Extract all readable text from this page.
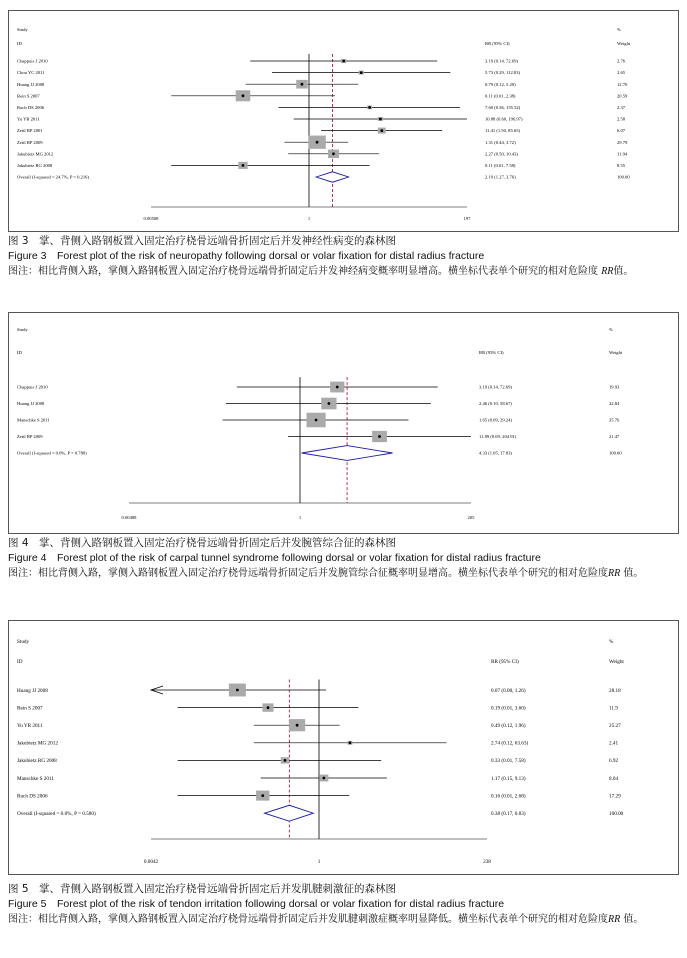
Study
ID	RR (95% CI)
%
Weight
Chappuis J 2010	3.19 (0.14, 72.69)	2.76
Chou YC 2011	5.73 (0.29, 112.83)	2.65
Huang JJ 2008	0.79 (0.12, 5.20)	12.70
Rein S 2007	0.11 (0.01, 2.38)	20.59
Ruch DS 2006	7.60 (0.36, 155.52)	2.37
Yu YR 2011	10.88 (0.60, 196.97)	2.58
Zettl RP 2001	11.41 (1.50, 85.65)	6.07
Zettl RP 2009	1.31 (0.44, 3.72)	29.79
Jakubietz MG 2012	2.27 (0.50, 10.43)	11.94
Jakubietz RG 2008	0.11 (0.01, 7.58)	8.55
Overall (I-squared = 24.7%, P = 0.216)	2.19 (1.27, 3.76)	100.00
0.00508	1	197
图 3　掌、背侧入路钢板置入固定治疗桡骨远端骨折固定后并发神经性病变的森林图
Figure 3　Forest plot of the risk of neuropathy following dorsal or volar fixation for distal radius fracture
图注：相比背侧入路，掌侧入路钢板置入固定治疗桡骨远端骨折固定后并发神经病变概率明显增高。横坐标代表单个研究的相对危险度 RR值。
Study
ID	RR (95% CI)
%
Weight
Chappuis J 2010	3.19 (0.14, 72.69)	19.93
Huang JJ 2008	2.46 (0.10, 58.67)	22.84
Manschke S 2011	1.65 (0.09, 29.24)	35.76
Zettl RP 2009	11.89 (0.69, 204.91)	21.47
Overall (I-squared = 0.0%, P = 0.780)	4.33 (1.05, 17.83)	100.00
0.00488	1	205
图 4　掌、背侧入路钢板置入固定治疗桡骨远端骨折固定后并发腕管综合征的森林图
Figure 4　Forest plot of the risk of carpal tunnel syndrome following dorsal or volar fixation for distal radius fracture
图注：相比背侧入路，掌侧入路钢板置入固定治疗桡骨远端骨折固定后并发腕管综合征概率明显增高。横坐标代表单个研究的相对危险度RR 值。
Study
ID	RR (95% CI)
%
Weight
Huang JJ 2008	0.07 (0.00, 1.26)	28.18
Rein S 2007	0.19 (0.01, 3.60)	11.9
Yu YR 2011	0.49 (0.12, 1.96)	25.27
Jakubietz MG 2012	2.74 (0.12, 63.63)	2.41
Jakubietz RG 2008	0.33 (0.01, 7.58)	6.92
Manschke S 2011	1.17 (0.15, 9.13)	8.04
Ruch DS 2006	0.16 (0.01, 2.68)	17.29
Overall (I-squared = 0.0%, P = 0.580)	0.38 (0.17, 0.83)	100.00
0.0042	1	238
图 5　掌、背侧入路钢板置入固定治疗桡骨远端骨折固定后并发肌腱刺激征的森林图
Figure 5　Forest plot of the risk of tendon irritation following dorsal or volar fixation for distal radius fracture
图注：相比背侧入路，掌侧入路钢板置入固定治疗桡骨远端骨折固定后并发肌腱刺激症概率明显降低。横坐标代表单个研究的相对危险度RR 值。
